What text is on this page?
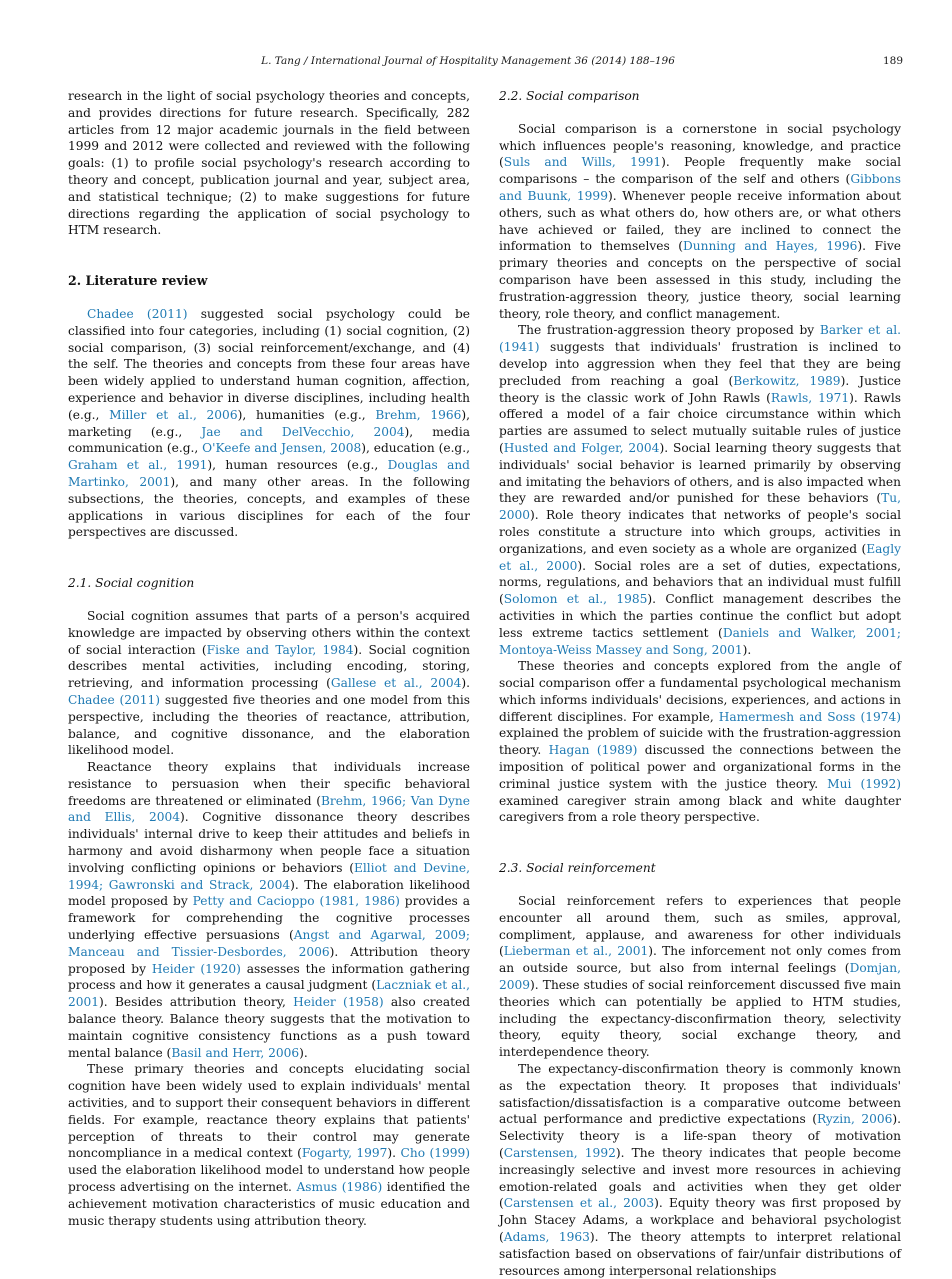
L. Tang / International Journal of Hospitality Management 36 (2014) 188–196	189

research in the light of social psychology theories and concepts, and provides directions for future research. Specifically, 282 articles from 12 major academic journals in the field between 1999 and 2012 were collected and reviewed with the following goals: (1) to profile social psychology's research according to theory and concept, publication journal and year, subject area, and statistical technique; (2) to make suggestions for future directions regarding the application of social psychology to HTM research.

2. Literature review

Chadee (2011) suggested social psychology could be classified into four categories, including (1) social cognition, (2) social comparison, (3) social reinforcement/exchange, and (4) the self. The theories and concepts from these four areas have been widely applied to understand human cognition, affection, experience and behavior in diverse disciplines, including health (e.g., Miller et al., 2006), humanities (e.g., Brehm, 1966), marketing (e.g., Jae and DelVecchio, 2004), media communication (e.g., O'Keefe and Jensen, 2008), education (e.g., Graham et al., 1991), human resources (e.g., Douglas and Martinko, 2001), and many other areas. In the following subsections, the theories, concepts, and examples of these applications in various disciplines for each of the four perspectives are discussed.

2.1. Social cognition

Social cognition assumes that parts of a person's acquired knowledge are impacted by observing others within the context of social interaction (Fiske and Taylor, 1984). Social cognition describes mental activities, including encoding, storing, retrieving, and information processing (Gallese et al., 2004). Chadee (2011) suggested five theories and one model from this perspective, including the theories of reactance, attribution, balance, and cognitive dissonance, and the elaboration likelihood model.

Reactance theory explains that individuals increase resistance to persuasion when their specific behavioral freedoms are threatened or eliminated (Brehm, 1966; Van Dyne and Ellis, 2004). Cognitive dissonance theory describes individuals' internal drive to keep their attitudes and beliefs in harmony and avoid disharmony when people face a situation involving conflicting opinions or behaviors (Elliot and Devine, 1994; Gawronski and Strack, 2004). The elaboration likelihood model proposed by Petty and Cacioppo (1981, 1986) provides a framework for comprehending the cognitive processes underlying effective persuasions (Angst and Agarwal, 2009; Manceau and Tissier-Desbordes, 2006). Attribution theory proposed by Heider (1920) assesses the information gathering process and how it generates a causal judgment (Laczniak et al., 2001). Besides attribution theory, Heider (1958) also created balance theory. Balance theory suggests that the motivation to maintain cognitive consistency functions as a push toward mental balance (Basil and Herr, 2006).

These primary theories and concepts elucidating social cognition have been widely used to explain individuals' mental activities, and to support their consequent behaviors in different fields. For example, reactance theory explains that patients' perception of threats to their control may generate noncompliance in a medical context (Fogarty, 1997). Cho (1999) used the elaboration likelihood model to understand how people process advertising on the internet. Asmus (1986) identified the achievement motivation characteristics of music education and music therapy students using attribution theory.

2.2. Social comparison

Social comparison is a cornerstone in social psychology which influences people's reasoning, knowledge, and practice (Suls and Wills, 1991). People frequently make social comparisons – the comparison of the self and others (Gibbons and Buunk, 1999). Whenever people receive information about others, such as what others do, how others are, or what others have achieved or failed, they are inclined to connect the information to themselves (Dunning and Hayes, 1996). Five primary theories and concepts on the perspective of social comparison have been assessed in this study, including the frustration-aggression theory, justice theory, social learning theory, role theory, and conflict management.

The frustration-aggression theory proposed by Barker et al. (1941) suggests that individuals' frustration is inclined to develop into aggression when they feel that they are being precluded from reaching a goal (Berkowitz, 1989). Justice theory is the classic work of John Rawls (Rawls, 1971). Rawls offered a model of a fair choice circumstance within which parties are assumed to select mutually suitable rules of justice (Husted and Folger, 2004). Social learning theory suggests that individuals' social behavior is learned primarily by observing and imitating the behaviors of others, and is also impacted when they are rewarded and/or punished for these behaviors (Tu, 2000). Role theory indicates that networks of people's social roles constitute a structure into which groups, activities in organizations, and even society as a whole are organized (Eagly et al., 2000). Social roles are a set of duties, expectations, norms, regulations, and behaviors that an individual must fulfill (Solomon et al., 1985). Conflict management describes the activities in which the parties continue the conflict but adopt less extreme tactics settlement (Daniels and Walker, 2001; Montoya-Weiss Massey and Song, 2001).

These theories and concepts explored from the angle of social comparison offer a fundamental psychological mechanism which informs individuals' decisions, experiences, and actions in different disciplines. For example, Hamermesh and Soss (1974) explained the problem of suicide with the frustration-aggression theory. Hagan (1989) discussed the connections between the imposition of political power and organizational forms in the criminal justice system with the justice theory. Mui (1992) examined caregiver strain among black and white daughter caregivers from a role theory perspective.

2.3. Social reinforcement

Social reinforcement refers to experiences that people encounter all around them, such as smiles, approval, compliment, applause, and awareness for other individuals (Lieberman et al., 2001). The inforcement not only comes from an outside source, but also from internal feelings (Domjan, 2009). These studies of social reinforcement discussed five main theories which can potentially be applied to HTM studies, including the expectancy-disconfirmation theory, selectivity theory, equity theory, social exchange theory, and interdependence theory.

The expectancy-disconfirmation theory is commonly known as the expectation theory. It proposes that individuals' satisfaction/dissatisfaction is a comparative outcome between actual performance and predictive expectations (Ryzin, 2006). Selectivity theory is a life-span theory of motivation (Carstensen, 1992). The theory indicates that people become increasingly selective and invest more resources in achieving emotion-related goals and activities when they get older (Carstensen et al., 2003). Equity theory was first proposed by John Stacey Adams, a workplace and behavioral psychologist (Adams, 1963). The theory attempts to interpret relational satisfaction based on observations of fair/unfair distributions of resources among interpersonal relationships
